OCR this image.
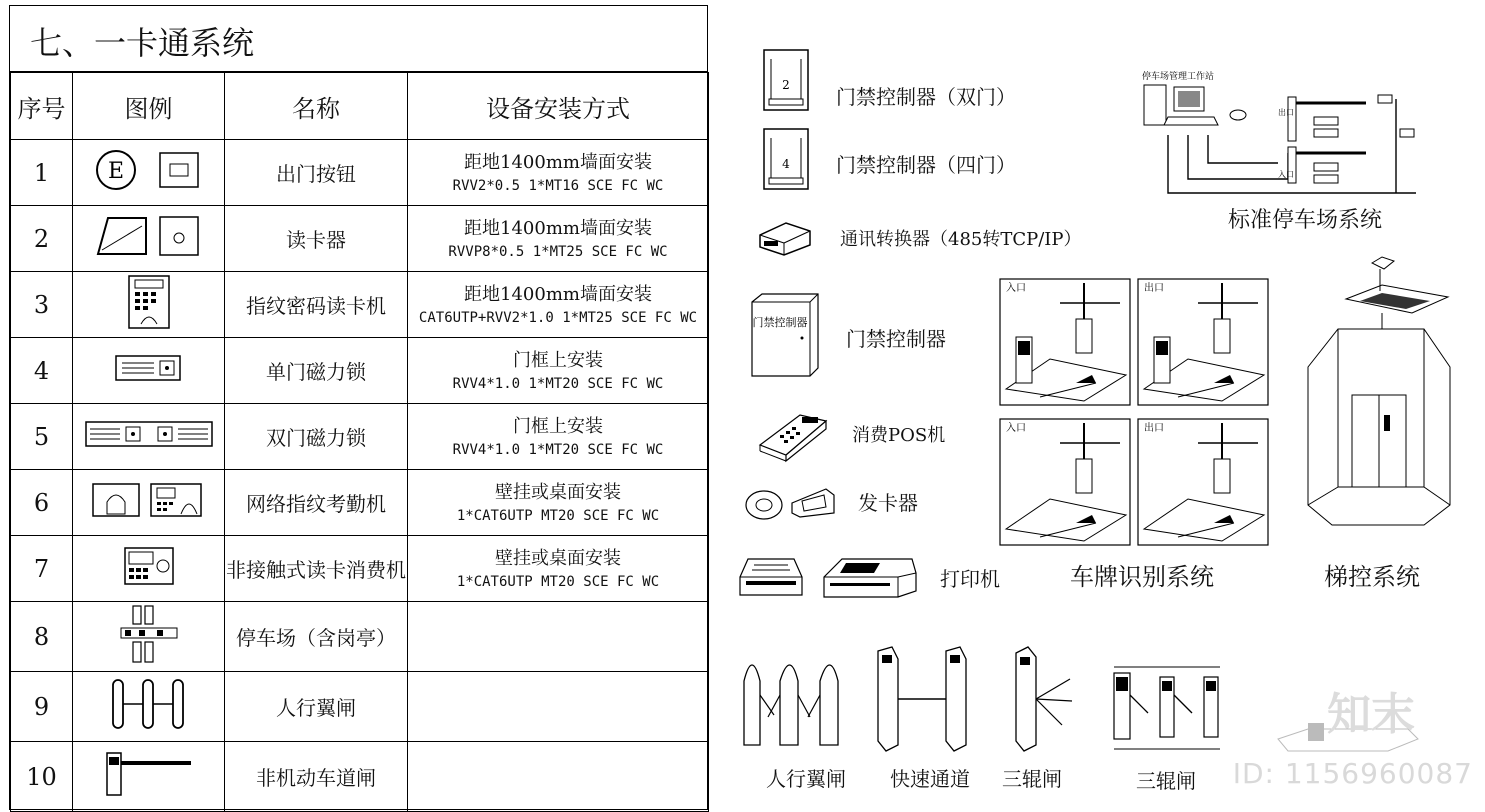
七、一卡通系统
序号	图例	名称	设备安装方式
1	E	出门按钮	距地1400mm墙面安装
RVV2*0.5 1*MT16 SCE FC WC
2		读卡器	距地1400mm墙面安装
RVVP8*0.5 1*MT25 SCE FC WC
3		指纹密码读卡机	距地1400mm墙面安装
CAT6UTP+RVV2*1.0 1*MT25 SCE FC WC
4		单门磁力锁	门框上安装
RVV4*1.0 1*MT20 SCE FC WC
5		双门磁力锁	门框上安装
RVV4*1.0 1*MT20 SCE FC WC
6		网络指纹考勤机	壁挂或桌面安装
1*CAT6UTP MT20 SCE FC WC
7		非接触式读卡消费机	壁挂或桌面安装
1*CAT6UTP MT20 SCE FC WC
8		停车场（含岗亭）	

9		人行翼闸	

10		非机动车道闸	
2 门禁控制器（双门）
4 门禁控制器（四门）
通讯转换器（485转TCP/IP）
门禁控制器
门禁控制器
消费POS机
发卡器
打印机
停车场管理工作站
出口
入口
标准停车场系统
入口	出口
入口	出口
车牌识别系统	梯控系统
人行翼闸 快速通道 三辊闸	三辊闸
知末
ID: 1156960087
